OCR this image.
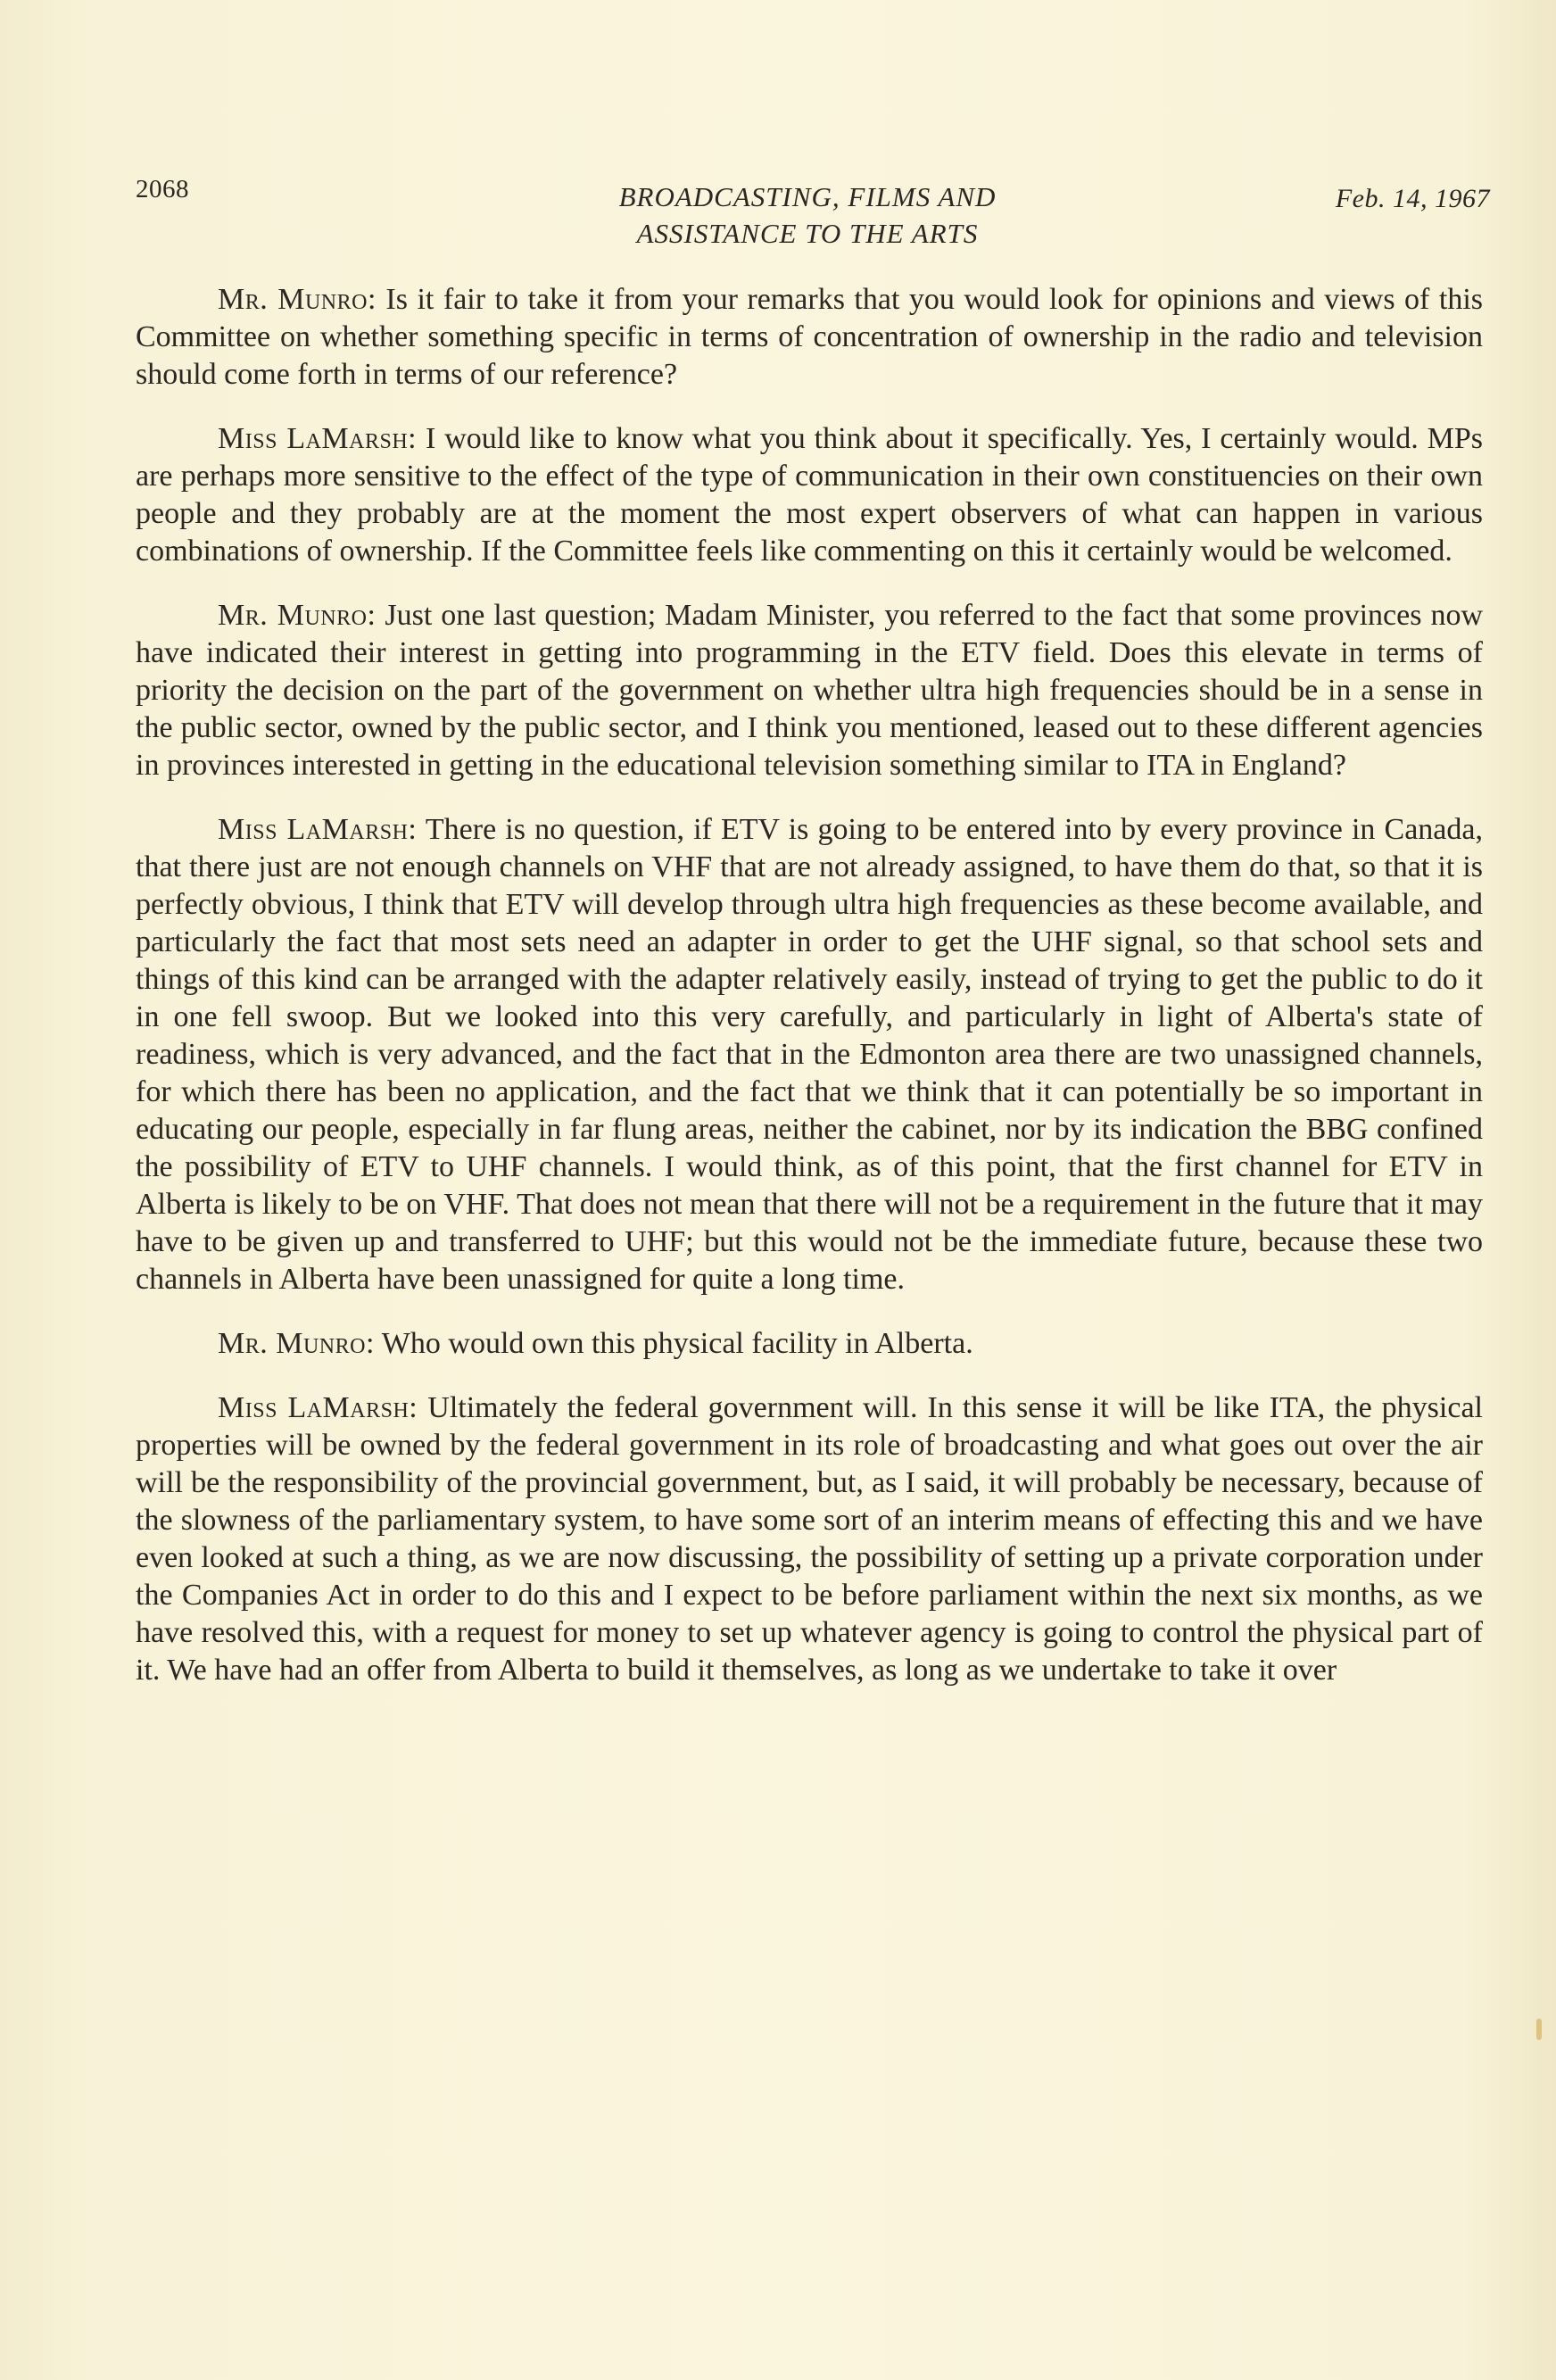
2068	BROADCASTING, FILMS AND
ASSISTANCE TO THE ARTS
Feb. 14, 1967

Mr. Munro: Is it fair to take it from your remarks that you would look for opinions and views of this Committee on whether something specific in terms of concentration of ownership in the radio and television should come forth in terms of our reference?

Miss LaMarsh: I would like to know what you think about it specifically. Yes, I certainly would. MPs are perhaps more sensitive to the effect of the type of communication in their own constituencies on their own people and they probably are at the moment the most expert observers of what can happen in various combinations of ownership. If the Committee feels like commenting on this it certainly would be welcomed.

Mr. Munro: Just one last question; Madam Minister, you referred to the fact that some provinces now have indicated their interest in getting into programming in the ETV field. Does this elevate in terms of priority the decision on the part of the government on whether ultra high frequencies should be in a sense in the public sector, owned by the public sector, and I think you mentioned, leased out to these different agencies in provinces interested in getting in the educational television something similar to ITA in England?

Miss LaMarsh: There is no question, if ETV is going to be entered into by every province in Canada, that there just are not enough channels on VHF that are not already assigned, to have them do that, so that it is perfectly obvious, I think that ETV will develop through ultra high frequencies as these become available, and particularly the fact that most sets need an adapter in order to get the UHF signal, so that school sets and things of this kind can be arranged with the adapter relatively easily, instead of trying to get the public to do it in one fell swoop. But we looked into this very carefully, and particularly in light of Alberta's state of readiness, which is very advanced, and the fact that in the Edmonton area there are two unassigned channels, for which there has been no application, and the fact that we think that it can potentially be so important in educating our people, especially in far flung areas, neither the cabinet, nor by its indication the BBG confined the possibility of ETV to UHF channels. I would think, as of this point, that the first channel for ETV in Alberta is likely to be on VHF. That does not mean that there will not be a requirement in the future that it may have to be given up and transferred to UHF; but this would not be the immediate future, because these two channels in Alberta have been unassigned for quite a long time.

Mr. Munro: Who would own this physical facility in Alberta.

Miss LaMarsh: Ultimately the federal government will. In this sense it will be like ITA, the physical properties will be owned by the federal government in its role of broadcasting and what goes out over the air will be the responsibility of the provincial government, but, as I said, it will probably be necessary, because of the slowness of the parliamentary system, to have some sort of an interim means of effecting this and we have even looked at such a thing, as we are now discussing, the possibility of setting up a private corporation under the Companies Act in order to do this and I expect to be before parliament within the next six months, as we have resolved this, with a request for money to set up whatever agency is going to control the physical part of it. We have had an offer from Alberta to build it themselves, as long as we undertake to take it over
